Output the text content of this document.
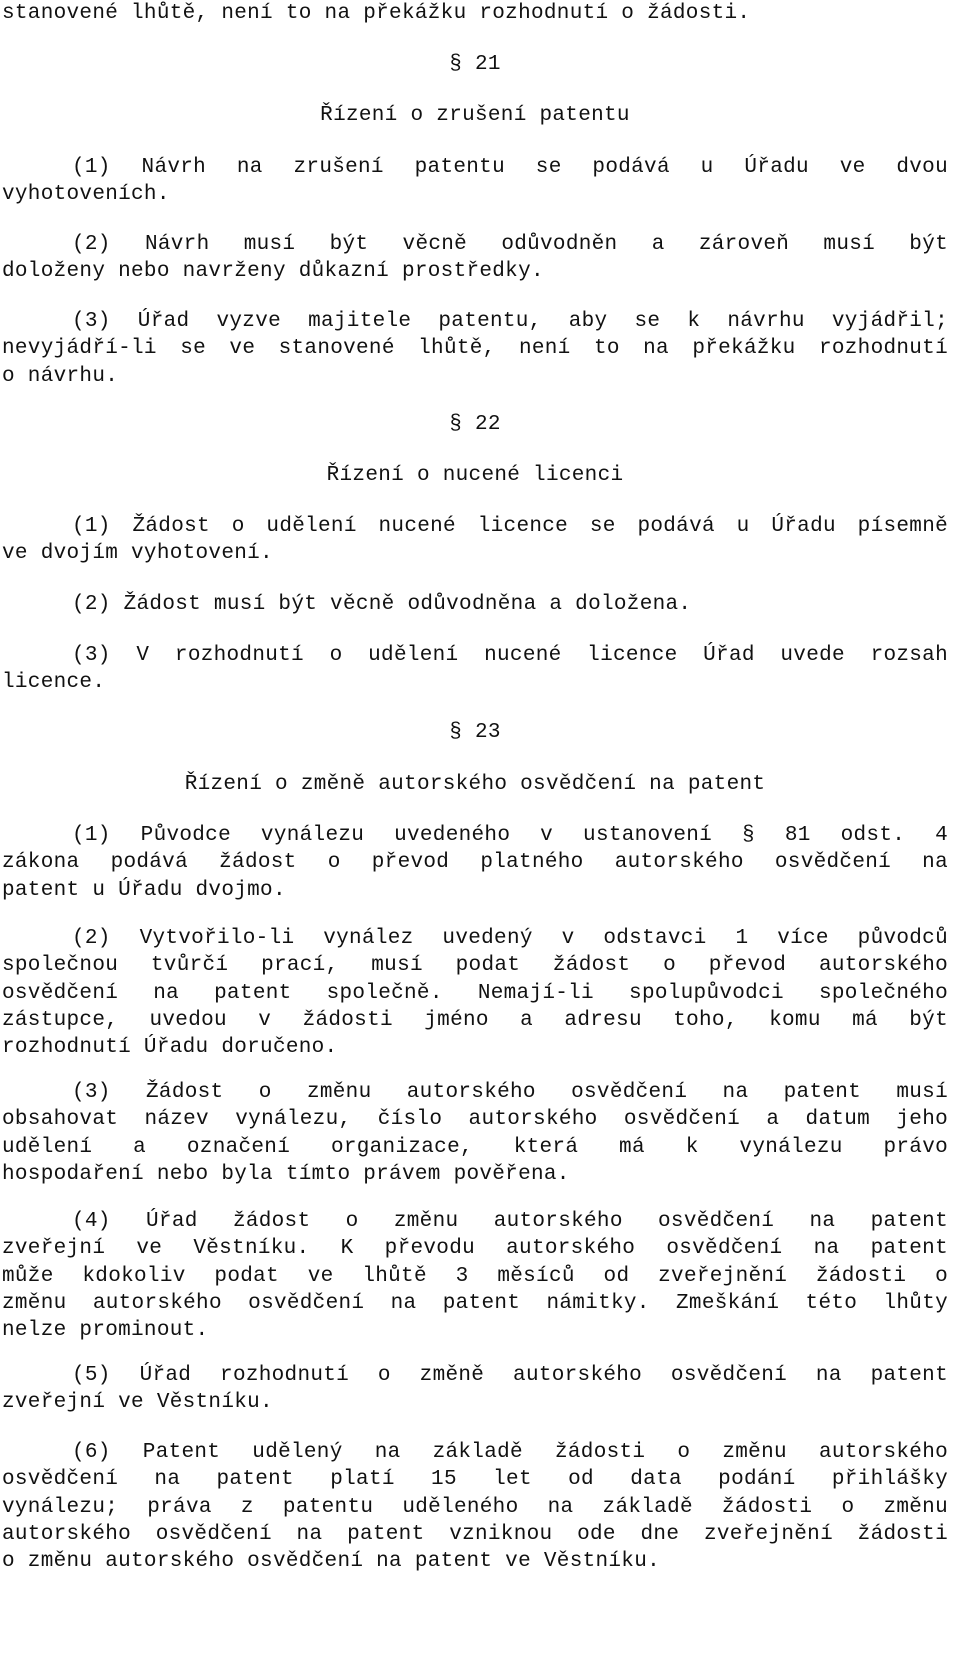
stanovené lhůtě, není to na překážku rozhodnutí o žádosti.
§ 21
Řízení o zrušení patentu
(1) Návrh na zrušení patentu se podává u Úřadu ve dvou
vyhotoveních.
(2) Návrh musí být věcně odůvodněn a zároveň musí být
doloženy nebo navrženy důkazní prostředky.
(3) Úřad vyzve majitele patentu, aby se k návrhu vyjádřil;
nevyjádří-li se ve stanovené lhůtě, není to na překážku rozhodnutí
o návrhu.
§ 22
Řízení o nucené licenci
(1) Žádost o udělení nucené licence se podává u Úřadu písemně
ve dvojím vyhotovení.
(2) Žádost musí být věcně odůvodněna a doložena.
(3) V rozhodnutí o udělení nucené licence Úřad uvede rozsah
licence.
§ 23
Řízení o změně autorského osvědčení na patent
(1) Původce vynálezu uvedeného v ustanovení § 81 odst. 4
zákona podává žádost o převod platného autorského osvědčení na
patent u Úřadu dvojmo.
(2) Vytvořilo-li vynález uvedený v odstavci 1 více původců
společnou tvůrčí prací, musí podat žádost o převod autorského
osvědčení na patent společně. Nemají-li spolupůvodci společného
zástupce, uvedou v žádosti jméno a adresu toho, komu má být
rozhodnutí Úřadu doručeno.
(3) Žádost o změnu autorského osvědčení na patent musí
obsahovat název vynálezu, číslo autorského osvědčení a datum jeho
udělení a označení organizace, která má k vynálezu právo
hospodaření nebo byla tímto právem pověřena.
(4) Úřad žádost o změnu autorského osvědčení na patent
zveřejní ve Věstníku. K převodu autorského osvědčení na patent
může kdokoliv podat ve lhůtě 3 měsíců od zveřejnění žádosti o
změnu autorského osvědčení na patent námitky. Zmeškání této lhůty
nelze prominout.
(5) Úřad rozhodnutí o změně autorského osvědčení na patent
zveřejní ve Věstníku.
(6) Patent udělený na základě žádosti o změnu autorského
osvědčení na patent platí 15 let od data podání přihlášky
vynálezu; práva z patentu uděleného na základě žádosti o změnu
autorského osvědčení na patent vzniknou ode dne zveřejnění žádosti
o změnu autorského osvědčení na patent ve Věstníku.
